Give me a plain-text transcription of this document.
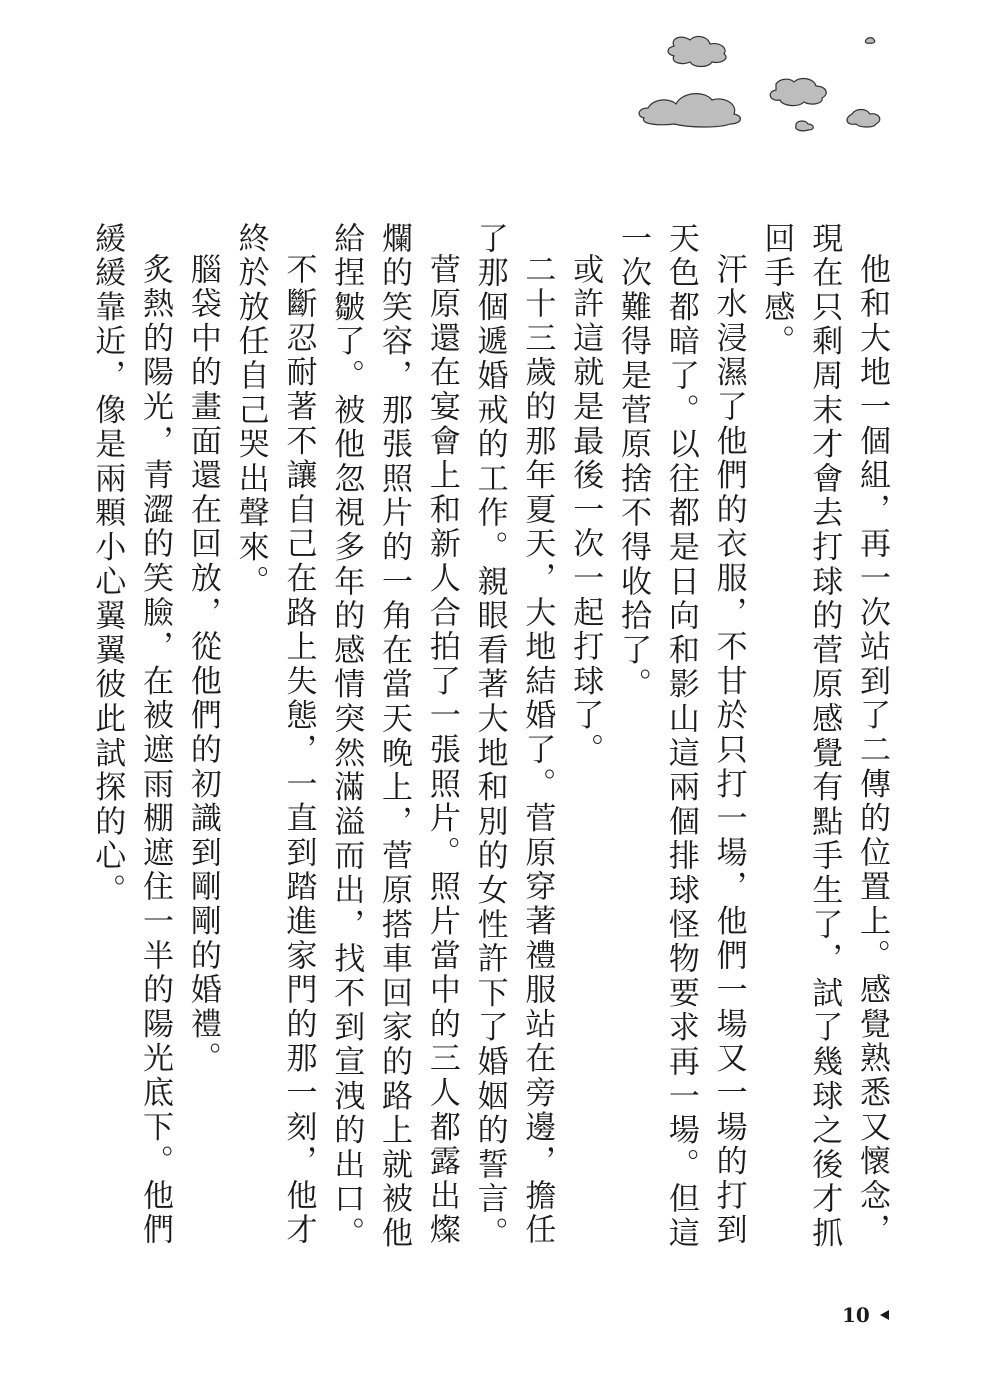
他和大地一個組，再一次站到了二傳的位置上。感覺熟悉又懷念，現在只剩周末才會去打球的菅原感覺有點手生了，試了幾球之後才抓回手感。

汗水浸濕了他們的衣服，不甘於只打一場，他們一場又一場的打到天色都暗了。以往都是日向和影山這兩個排球怪物要求再一場。但這一次難得是菅原捨不得收拾了。

或許這就是最後一次一起打球了。

二十三歲的那年夏天，大地結婚了。菅原穿著禮服站在旁邊，擔任了那個遞婚戒的工作。親眼看著大地和別的女性許下了婚姻的誓言。

菅原還在宴會上和新人合拍了一張照片。照片當中的三人都露出燦爛的笑容，那張照片的一角在當天晚上，菅原搭車回家的路上就被他給捏皺了。被他忽視多年的感情突然滿溢而出，找不到宣洩的出口。

不斷忍耐著不讓自己在路上失態，一直到踏進家門的那一刻，他才終於放任自己哭出聲來。

腦袋中的畫面還在回放，從他們的初識到剛剛的婚禮。

炙熱的陽光，青澀的笑臉，在被遮雨棚遮住一半的陽光底下。他們緩緩靠近，像是兩顆小心翼翼彼此試探的心。

10
